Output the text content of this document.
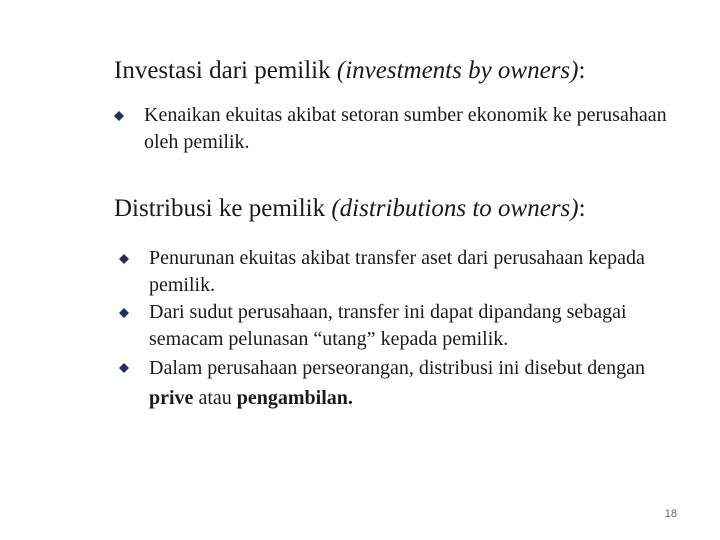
Investasi dari pemilik (investments by owners):
Kenaikan ekuitas akibat setoran sumber ekonomik ke perusahaan oleh pemilik.
Distribusi ke pemilik (distributions to owners):
Penurunan ekuitas akibat transfer aset dari perusahaan kepada pemilik.
Dari sudut perusahaan, transfer ini dapat dipandang sebagai semacam pelunasan “utang” kepada pemilik.
Dalam perusahaan perseorangan, distribusi ini disebut dengan prive atau pengambilan.
18
